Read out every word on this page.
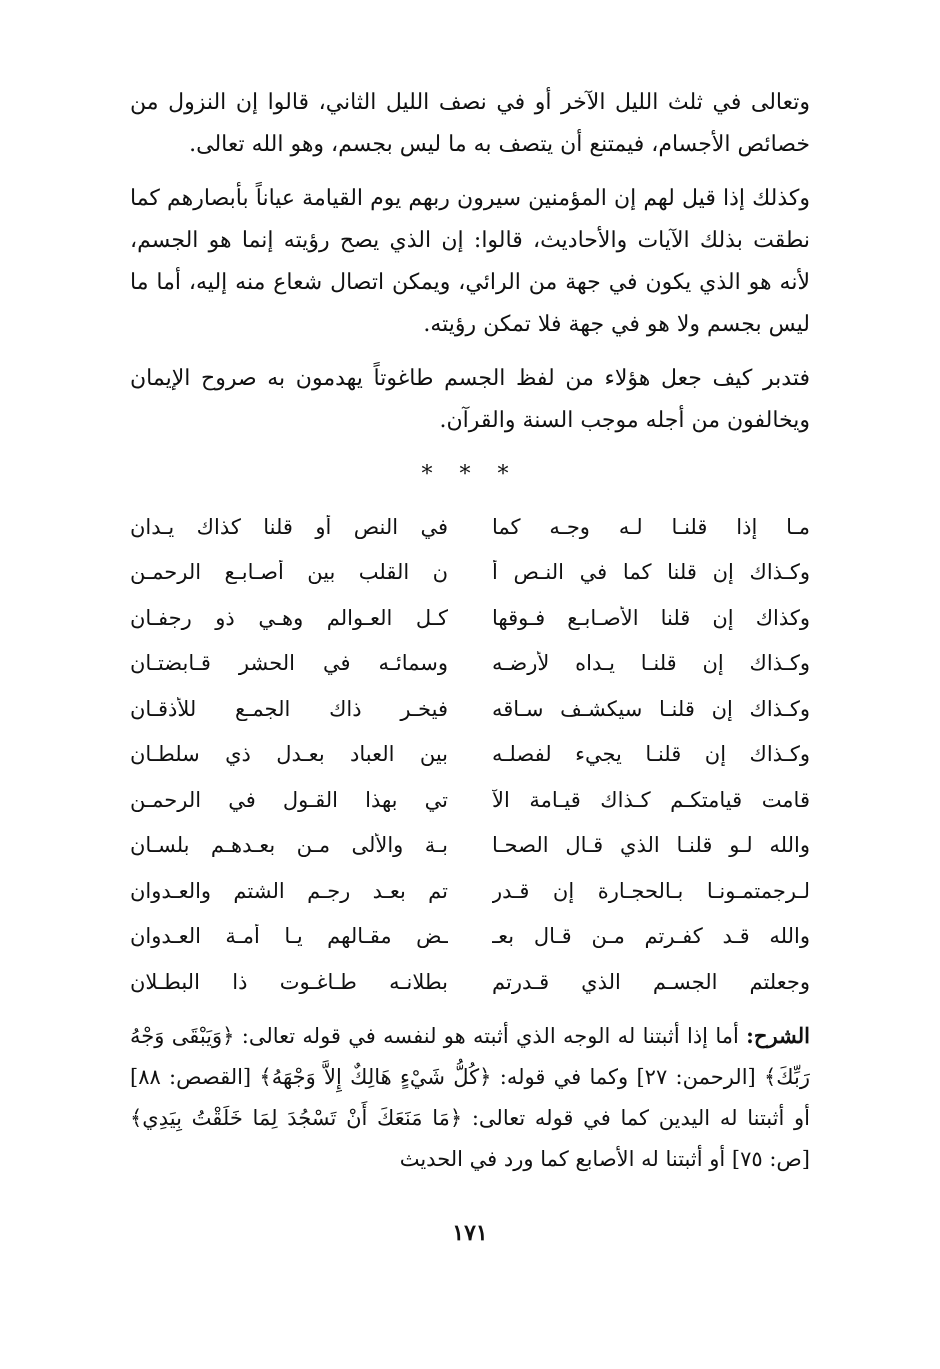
وتعالى في ثلث الليل الآخر أو في نصف الليل الثاني، قالوا إن النزول من خصائص الأجسام، فيمتنع أن يتصف به ما ليس بجسم، وهو الله تعالى.

وكذلك إذا قيل لهم إن المؤمنين سيرون ربهم يوم القيامة عياناً بأبصارهم كما نطقت بذلك الآيات والأحاديث، قالوا: إن الذي يصح رؤيته إنما هو الجسم، لأنه هو الذي يكون في جهة من الرائي، ويمكن اتصال شعاع منه إليه، أما ما ليس بجسم ولا هو في جهة فلا تمكن رؤيته.

فتدبر كيف جعل هؤلاء من لفظ الجسم طاغوتاً يهدمون به صروح الإيمان ويخالفون من أجله موجب السنة والقرآن.

* * *
مـا إذا قلنـا لـه وجـه كما
في النص أو قلنا كذاك يـدان
وكـذاك إن قلنا كما في النـص أ
ن القلب بين أصـابـع الرحمـن
وكذاك إن قلنا الأصـابـع فـوقها
كـل العـوالم وهـي ذو رجفـان
وكـذاك إن قلنـا يـداه لأرضـه
وسمائـه في الحشر قـابضتـان
وكـذاك إن قلنـا سيكشـف سـاقه
فيخـر ذاك الجمـع للأذقـان
وكـذاك إن قلنـا يجيء لفصلـه
بين العباد بعـدل ذي سلطـان
قامت قيامتكـم كـذاك قيـامة الآ
تي بهذا القـول في الرحمـن
والله لـو قلنـا الذي قـال الصحـا
بـة والألى مـن بعـدهـم بلسـان
لـرجمتمـونـا بـالحجـارة إن قـدر
تم بعـد رجـم الشتم والعـدوان
والله قـد كفـرتم مـن قـال بعـ
ـض مقـالهم يـا أمـة العـدوان
وجعلتم الجسـم الذي قـدرتم
بطلانـه طـاغـوت ذا البطـلان

الشرح: أما إذا أثبتنا له الوجه الذي أثبته هو لنفسه في قوله تعالى: ﴿وَيَبْقَى وَجْهُ رَبِّكَ﴾ [الرحمن: ٢٧] وكما في قوله: ﴿كُلُّ شَيْءٍ هَالِكٌ إِلاَّ وَجْهَهُ﴾ [القصص: ٨٨] أو أثبتنا له اليدين كما في قوله تعالى: ﴿مَا مَنَعَكَ أَنْ تَسْجُدَ لِمَا خَلَقْتُ بِيَدِي﴾ [ص: ٧٥] أو أثبتنا له الأصابع كما ورد في الحديث

١٧١
